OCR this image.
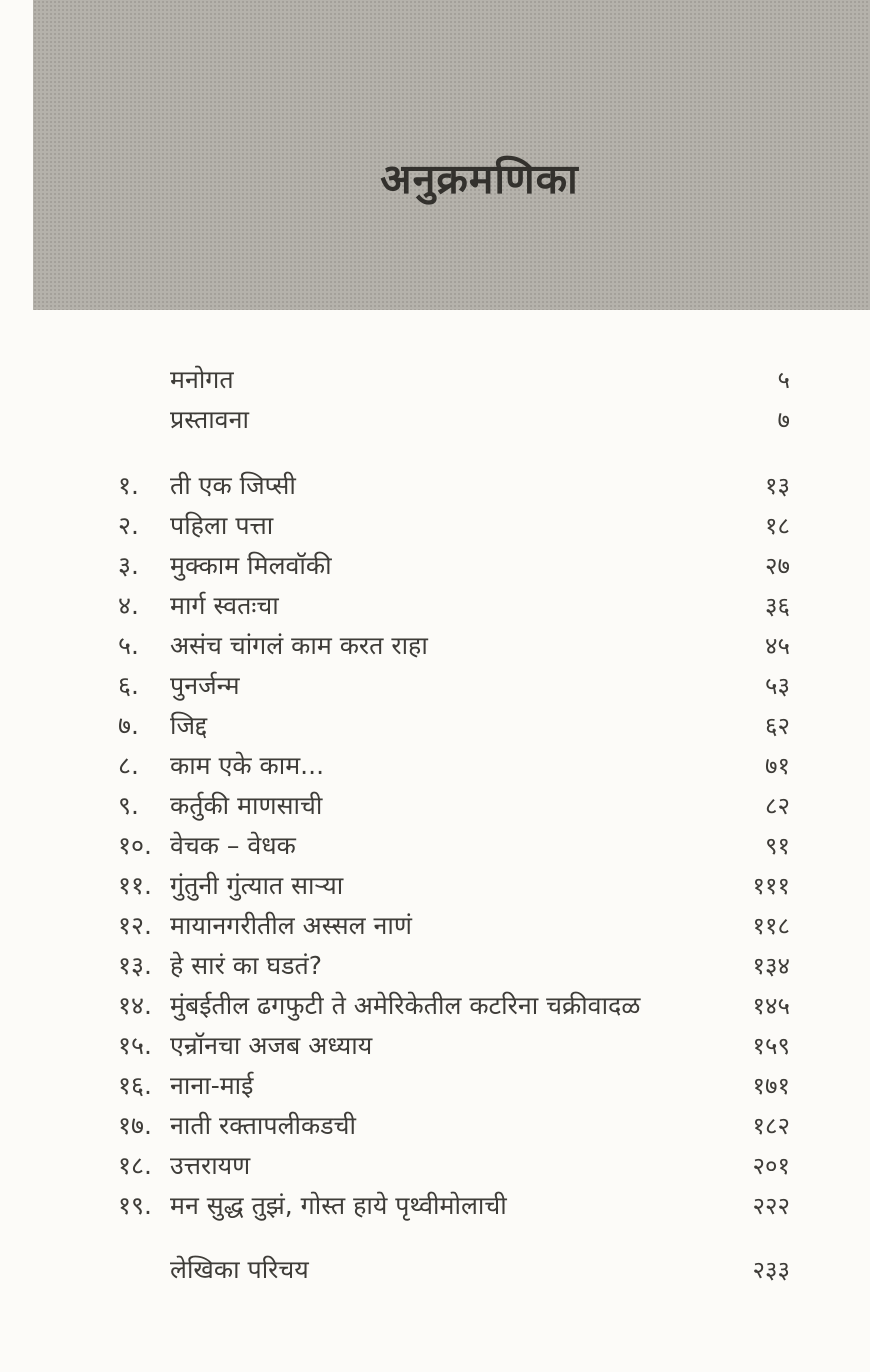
अनुक्रमणिका
मनोगत	५
प्रस्तावना	७
१.	ती एक जिप्सी	१३
२.	पहिला पत्ता	१८
३.	मुक्काम मिलवॉकी	२७
४.	मार्ग स्वतःचा	३६
५.	असंच चांगलं काम करत राहा	४५
६.	पुनर्जन्म	५३
७.	जिद्द	६२
८.	काम एके काम...	७१
९.	कर्तुकी माणसाची	८२
१०. वेचक – वेधक	९१
११. गुंतुनी गुंत्यात साऱ्या	१११
१२. मायानगरीतील अस्सल नाणं	११८
१३. हे सारं का घडतं?	१३४
१४. मुंबईतील ढगफुटी ते अमेरिकेतील कटरिना चक्रीवादळ	१४५
१५. एन्रॉनचा अजब अध्याय	१५९
१६. नाना-माई	१७१
१७. नाती रक्तापलीकडची	१८२
१८. उत्तरायण	२०१
१९. मन सुद्ध तुझं, गोस्त हाये पृथ्वीमोलाची	२२२
लेखिका परिचय	२३३
